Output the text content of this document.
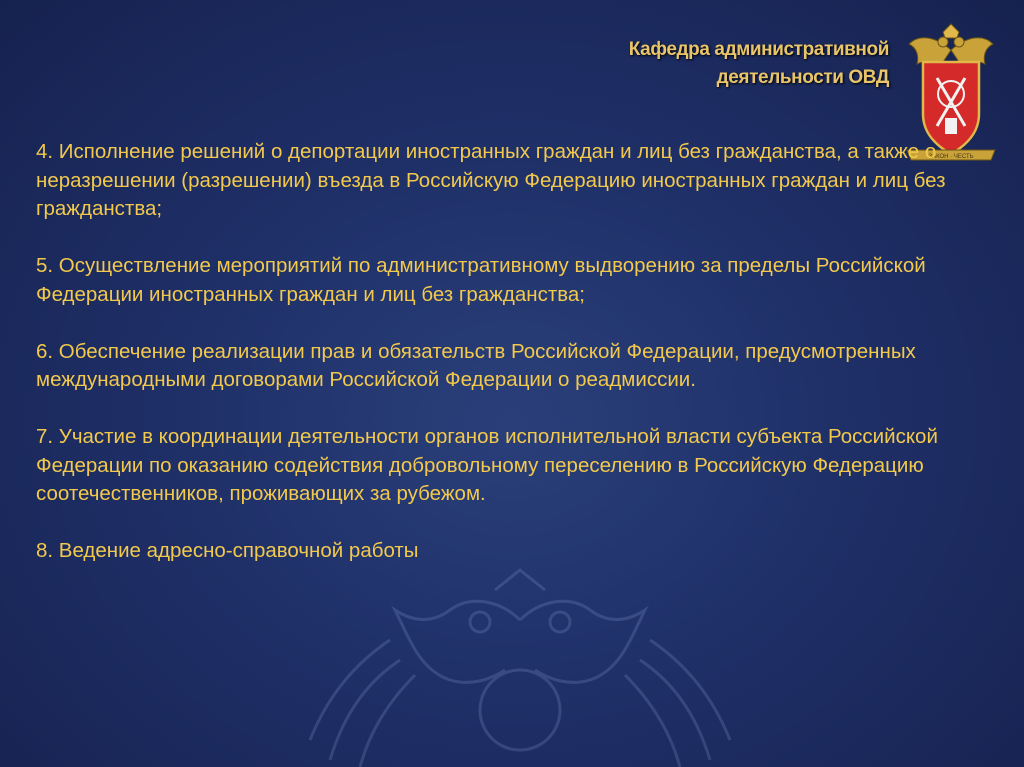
Кафедра административной
деятельности ОВД
ЗАКОН · ЧЕСТЬ

4. Исполнение решений о депортации иностранных граждан и лиц без гражданства, а также о неразрешении (разрешении) въезда в Российскую Федерацию иностранных граждан и лиц без гражданства;

5. Осуществление мероприятий по административному выдворению за пределы Российской Федерации иностранных граждан и лиц без гражданства;

6. Обеспечение реализации прав и обязательств Российской Федерации, предусмотренных международными договорами Российской Федерации о реадмиссии.

7. Участие в координации деятельности органов исполнительной власти субъекта Российской Федерации по оказанию содействия добровольному переселению в Российскую Федерацию соотечественников, проживающих за рубежом.

8. Ведение адресно-справочной работы
